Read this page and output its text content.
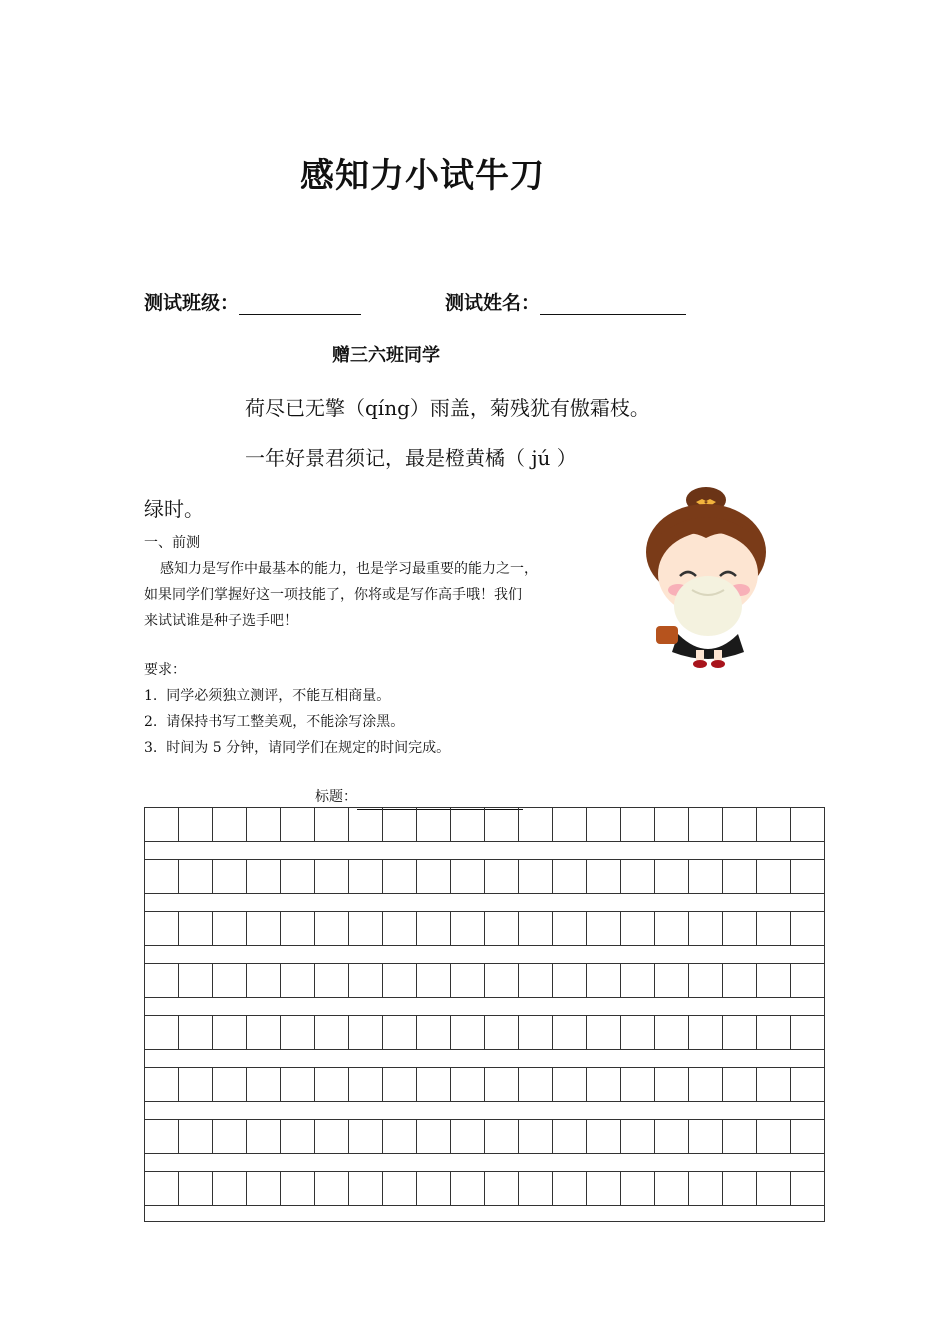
感知力小试牛刀
测试班级：	测试姓名：
赠三六班同学
荷尽已无擎（qíng）雨盖，菊残犹有傲霜枝。
一年好景君须记，最是橙黄橘（ jú ）
绿时。
一、前测
感知力是写作中最基本的能力，也是学习最重要的能力之一，
如果同学们掌握好这一项技能了，你将或是写作高手哦！我们
来试试谁是种子选手吧！
要求：
1. 同学必须独立测评，不能互相商量。
2. 请保持书写工整美观，不能涂写涂黑。
3. 时间为 5 分钟，请同学们在规定的时间完成。
标题：
